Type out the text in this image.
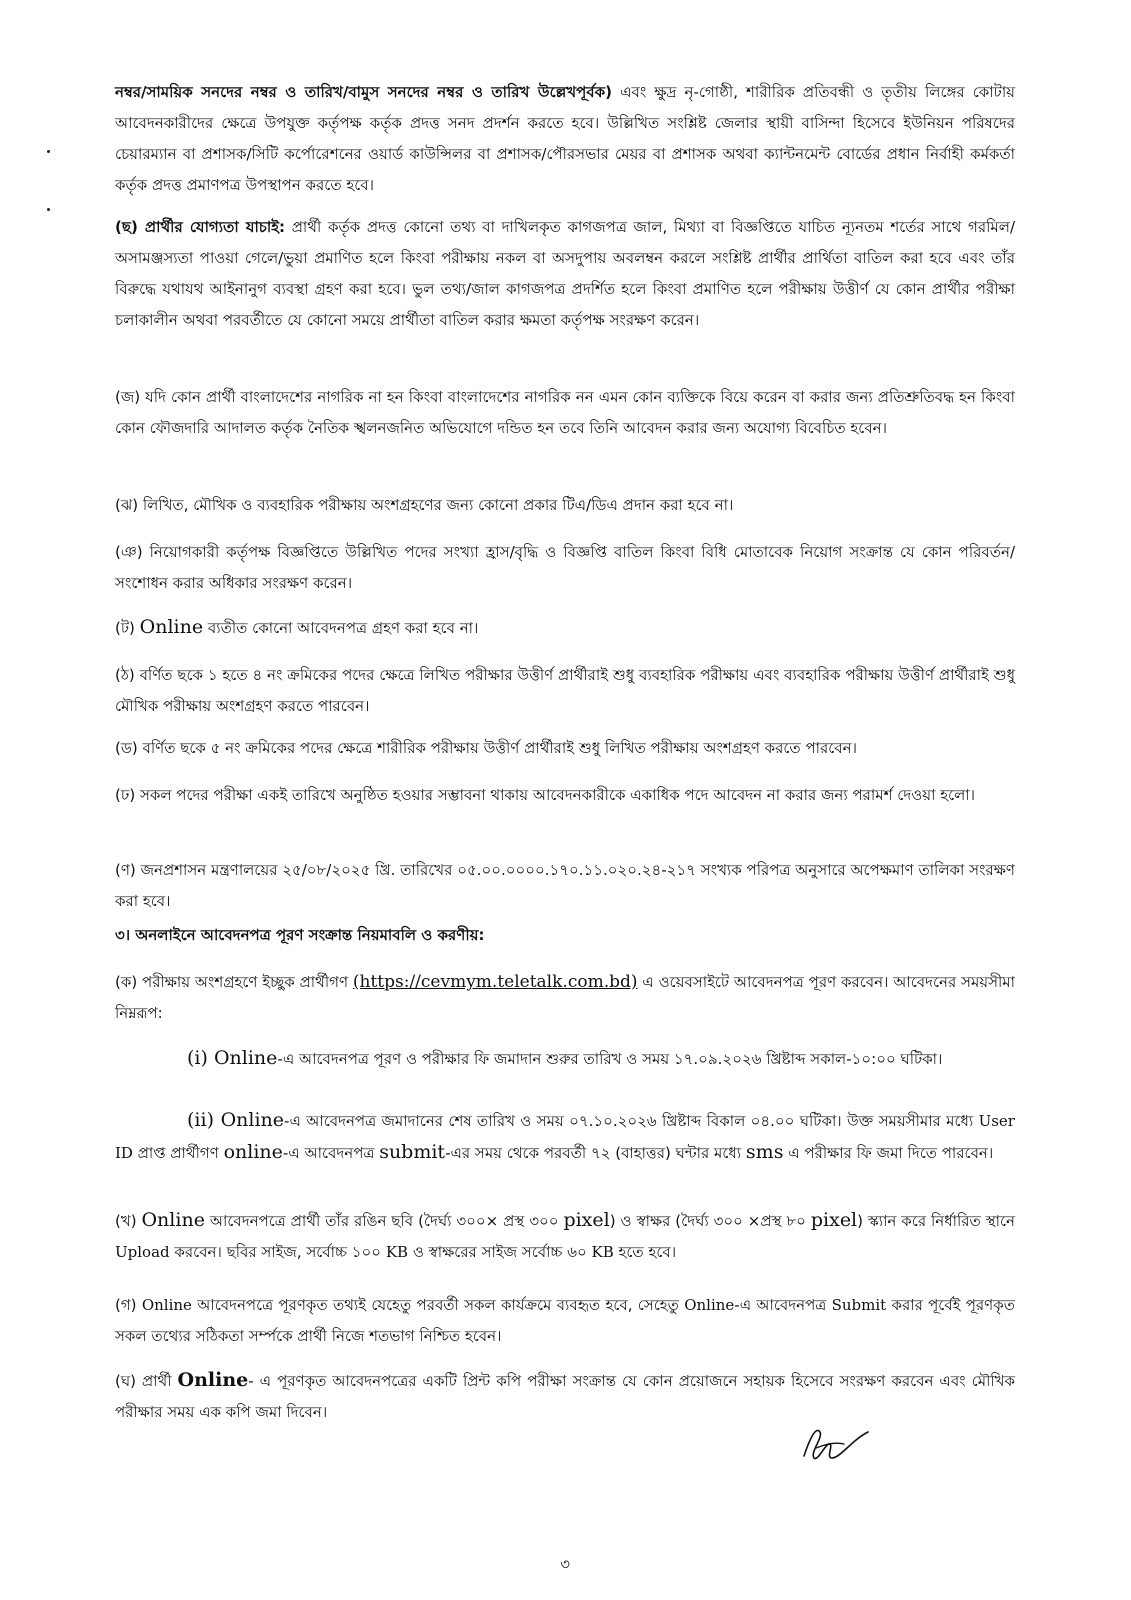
নম্বর/সাময়িক সনদের নম্বর ও তারিখ/বামুস সনদের নম্বর ও তারিখ উল্লেখপূর্বক) এবং ক্ষুদ্র নৃ-গোষ্ঠী, শারীরিক প্রতিবন্ধী ও তৃতীয় লিঙ্গের কোটায় আবেদনকারীদের ক্ষেত্রে উপযুক্ত কর্তৃপক্ষ কর্তৃক প্রদত্ত সনদ প্রদর্শন করতে হবে। উল্লিখিত সংশ্লিষ্ট জেলার স্থায়ী বাসিন্দা হিসেবে ইউনিয়ন পরিষদের চেয়ারম্যান বা প্রশাসক/সিটি কর্পোরেশনের ওয়ার্ড কাউন্সিলর বা প্রশাসক/পৌরসভার মেয়র বা প্রশাসক অথবা ক্যান্টনমেন্ট বোর্ডের প্রধান নির্বাহী কর্মকর্তা কর্তৃক প্রদত্ত প্রমাণপত্র উপস্থাপন করতে হবে।

(ছ) প্রার্থীর যোগ্যতা যাচাই: প্রার্থী কর্তৃক প্রদত্ত কোনো তথ্য বা দাখিলকৃত কাগজপত্র জাল, মিথ্যা বা বিজ্ঞপ্তিতে যাচিত ন্যূনতম শর্তের সাথে গরমিল/অসামঞ্জস্যতা পাওয়া গেলে/ভুয়া প্রমাণিত হলে কিংবা পরীক্ষায় নকল বা অসদুপায় অবলম্বন করলে সংশ্লিষ্ট প্রার্থীর প্রার্থিতা বাতিল করা হবে এবং তাঁর বিরুদ্ধে যথাযথ আইনানুগ ব্যবস্থা গ্রহণ করা হবে। ভুল তথ্য/জাল কাগজপত্র প্রদর্শিত হলে কিংবা প্রমাণিত হলে পরীক্ষায় উত্তীর্ণ যে কোন প্রার্থীর পরীক্ষা চলাকালীন অথবা পরবর্তীতে যে কোনো সময়ে প্রার্থীতা বাতিল করার ক্ষমতা কর্তৃপক্ষ সংরক্ষণ করেন।

(জ) যদি কোন প্রার্থী বাংলাদেশের নাগরিক না হন কিংবা বাংলাদেশের নাগরিক নন এমন কোন ব্যক্তিকে বিয়ে করেন বা করার জন্য প্রতিশ্রুতিবদ্ধ হন কিংবা কোন ফৌজদারি আদালত কর্তৃক নৈতিক স্খলনজনিত অভিযোগে দন্ডিত হন তবে তিনি আবেদন করার জন্য অযোগ্য বিবেচিত হবেন।

(ঝ) লিখিত, মৌখিক ও ব্যবহারিক পরীক্ষায় অংশগ্রহণের জন্য কোনো প্রকার টিএ/ডিএ প্রদান করা হবে না।

(ঞ) নিয়োগকারী কর্তৃপক্ষ বিজ্ঞপ্তিতে উল্লিখিত পদের সংখ্যা হ্রাস/বৃদ্ধি ও বিজ্ঞপ্তি বাতিল কিংবা বিধি মোতাবেক নিয়োগ সংক্রান্ত যে কোন পরিবর্তন/সংশোধন করার অধিকার সংরক্ষণ করেন।

(ট) Online ব্যতীত কোনো আবেদনপত্র গ্রহণ করা হবে না।

(ঠ) বর্ণিত ছকে ১ হতে ৪ নং ক্রমিকের পদের ক্ষেত্রে লিখিত পরীক্ষার উত্তীর্ণ প্রার্থীরাই শুধু ব্যবহারিক পরীক্ষায় এবং ব্যবহারিক পরীক্ষায় উত্তীর্ণ প্রার্থীরাই শুধু মৌখিক পরীক্ষায় অংশগ্রহণ করতে পারবেন।

(ড) বর্ণিত ছকে ৫ নং ক্রমিকের পদের ক্ষেত্রে শারীরিক পরীক্ষায় উত্তীর্ণ প্রার্থীরাই শুধু লিখিত পরীক্ষায় অংশগ্রহণ করতে পারবেন।

(ঢ) সকল পদের পরীক্ষা একই তারিখে অনুষ্ঠিত হওয়ার সম্ভাবনা থাকায় আবেদনকারীকে একাধিক পদে আবেদন না করার জন্য পরামর্শ দেওয়া হলো।

(ণ) জনপ্রশাসন মন্ত্রণালয়ের ২৫/০৮/২০২৫ খ্রি. তারিখের ০৫.০০.০০০০.১৭০.১১.০২০.২৪-২১৭ সংখ্যক পরিপত্র অনুসারে অপেক্ষমাণ তালিকা সংরক্ষণ করা হবে।

৩। অনলাইনে আবেদনপত্র পূরণ সংক্রান্ত নিয়মাবলি ও করণীয়:

(ক) পরীক্ষায় অংশগ্রহণে ইচ্ছুক প্রার্থীগণ (https://cevmym.teletalk.com.bd) এ ওয়েবসাইটে আবেদনপত্র পূরণ করবেন। আবেদনের সময়সীমা নিম্নরূপ:

(i) Online-এ আবেদনপত্র পূরণ ও পরীক্ষার ফি জমাদান শুরুর তারিখ ও সময় ১৭.০৯.২০২৬ খ্রিষ্টাব্দ সকাল-১০:০০ ঘটিকা।

(ii) Online-এ আবেদনপত্র জমাদানের শেষ তারিখ ও সময় ০৭.১০.২০২৬ খ্রিষ্টাব্দ বিকাল ০৪.০০ ঘটিকা। উক্ত সময়সীমার মধ্যে User ID প্রাপ্ত প্রার্থীগণ online-এ আবেদনপত্র submit-এর সময় থেকে পরবর্তী ৭২ (বাহাত্তর) ঘন্টার মধ্যে sms এ পরীক্ষার ফি জমা দিতে পারবেন।

(খ) Online আবেদনপত্রে প্রার্থী তাঁর রঙিন ছবি (দৈর্ঘ্য ৩০০× প্রস্থ ৩০০ pixel) ও স্বাক্ষর (দৈর্ঘ্য ৩০০ ×প্রস্থ ৮০ pixel) স্ক্যান করে নির্ধারিত স্থানে Upload করবেন। ছবির সাইজ, সর্বোচ্চ ১০০ KB ও স্বাক্ষরের সাইজ সর্বোচ্চ ৬০ KB হতে হবে।

(গ) Online আবেদনপত্রে পূরণকৃত তথ্যই যেহেতু পরবর্তী সকল কার্যক্রমে ব্যবহৃত হবে, সেহেতু Online-এ আবেদনপত্র Submit করার পূর্বেই পূরণকৃত সকল তথ্যের সঠিকতা সর্ম্পকে প্রার্থী নিজে শতভাগ নিশ্চিত হবেন।

(ঘ) প্রার্থী Online- এ পূরণকৃত আবেদনপত্রের একটি প্রিন্ট কপি পরীক্ষা সংক্রান্ত যে কোন প্রয়োজনে সহায়ক হিসেবে সংরক্ষণ করবেন এবং মৌখিক পরীক্ষার সময় এক কপি জমা দিবেন।

৩
